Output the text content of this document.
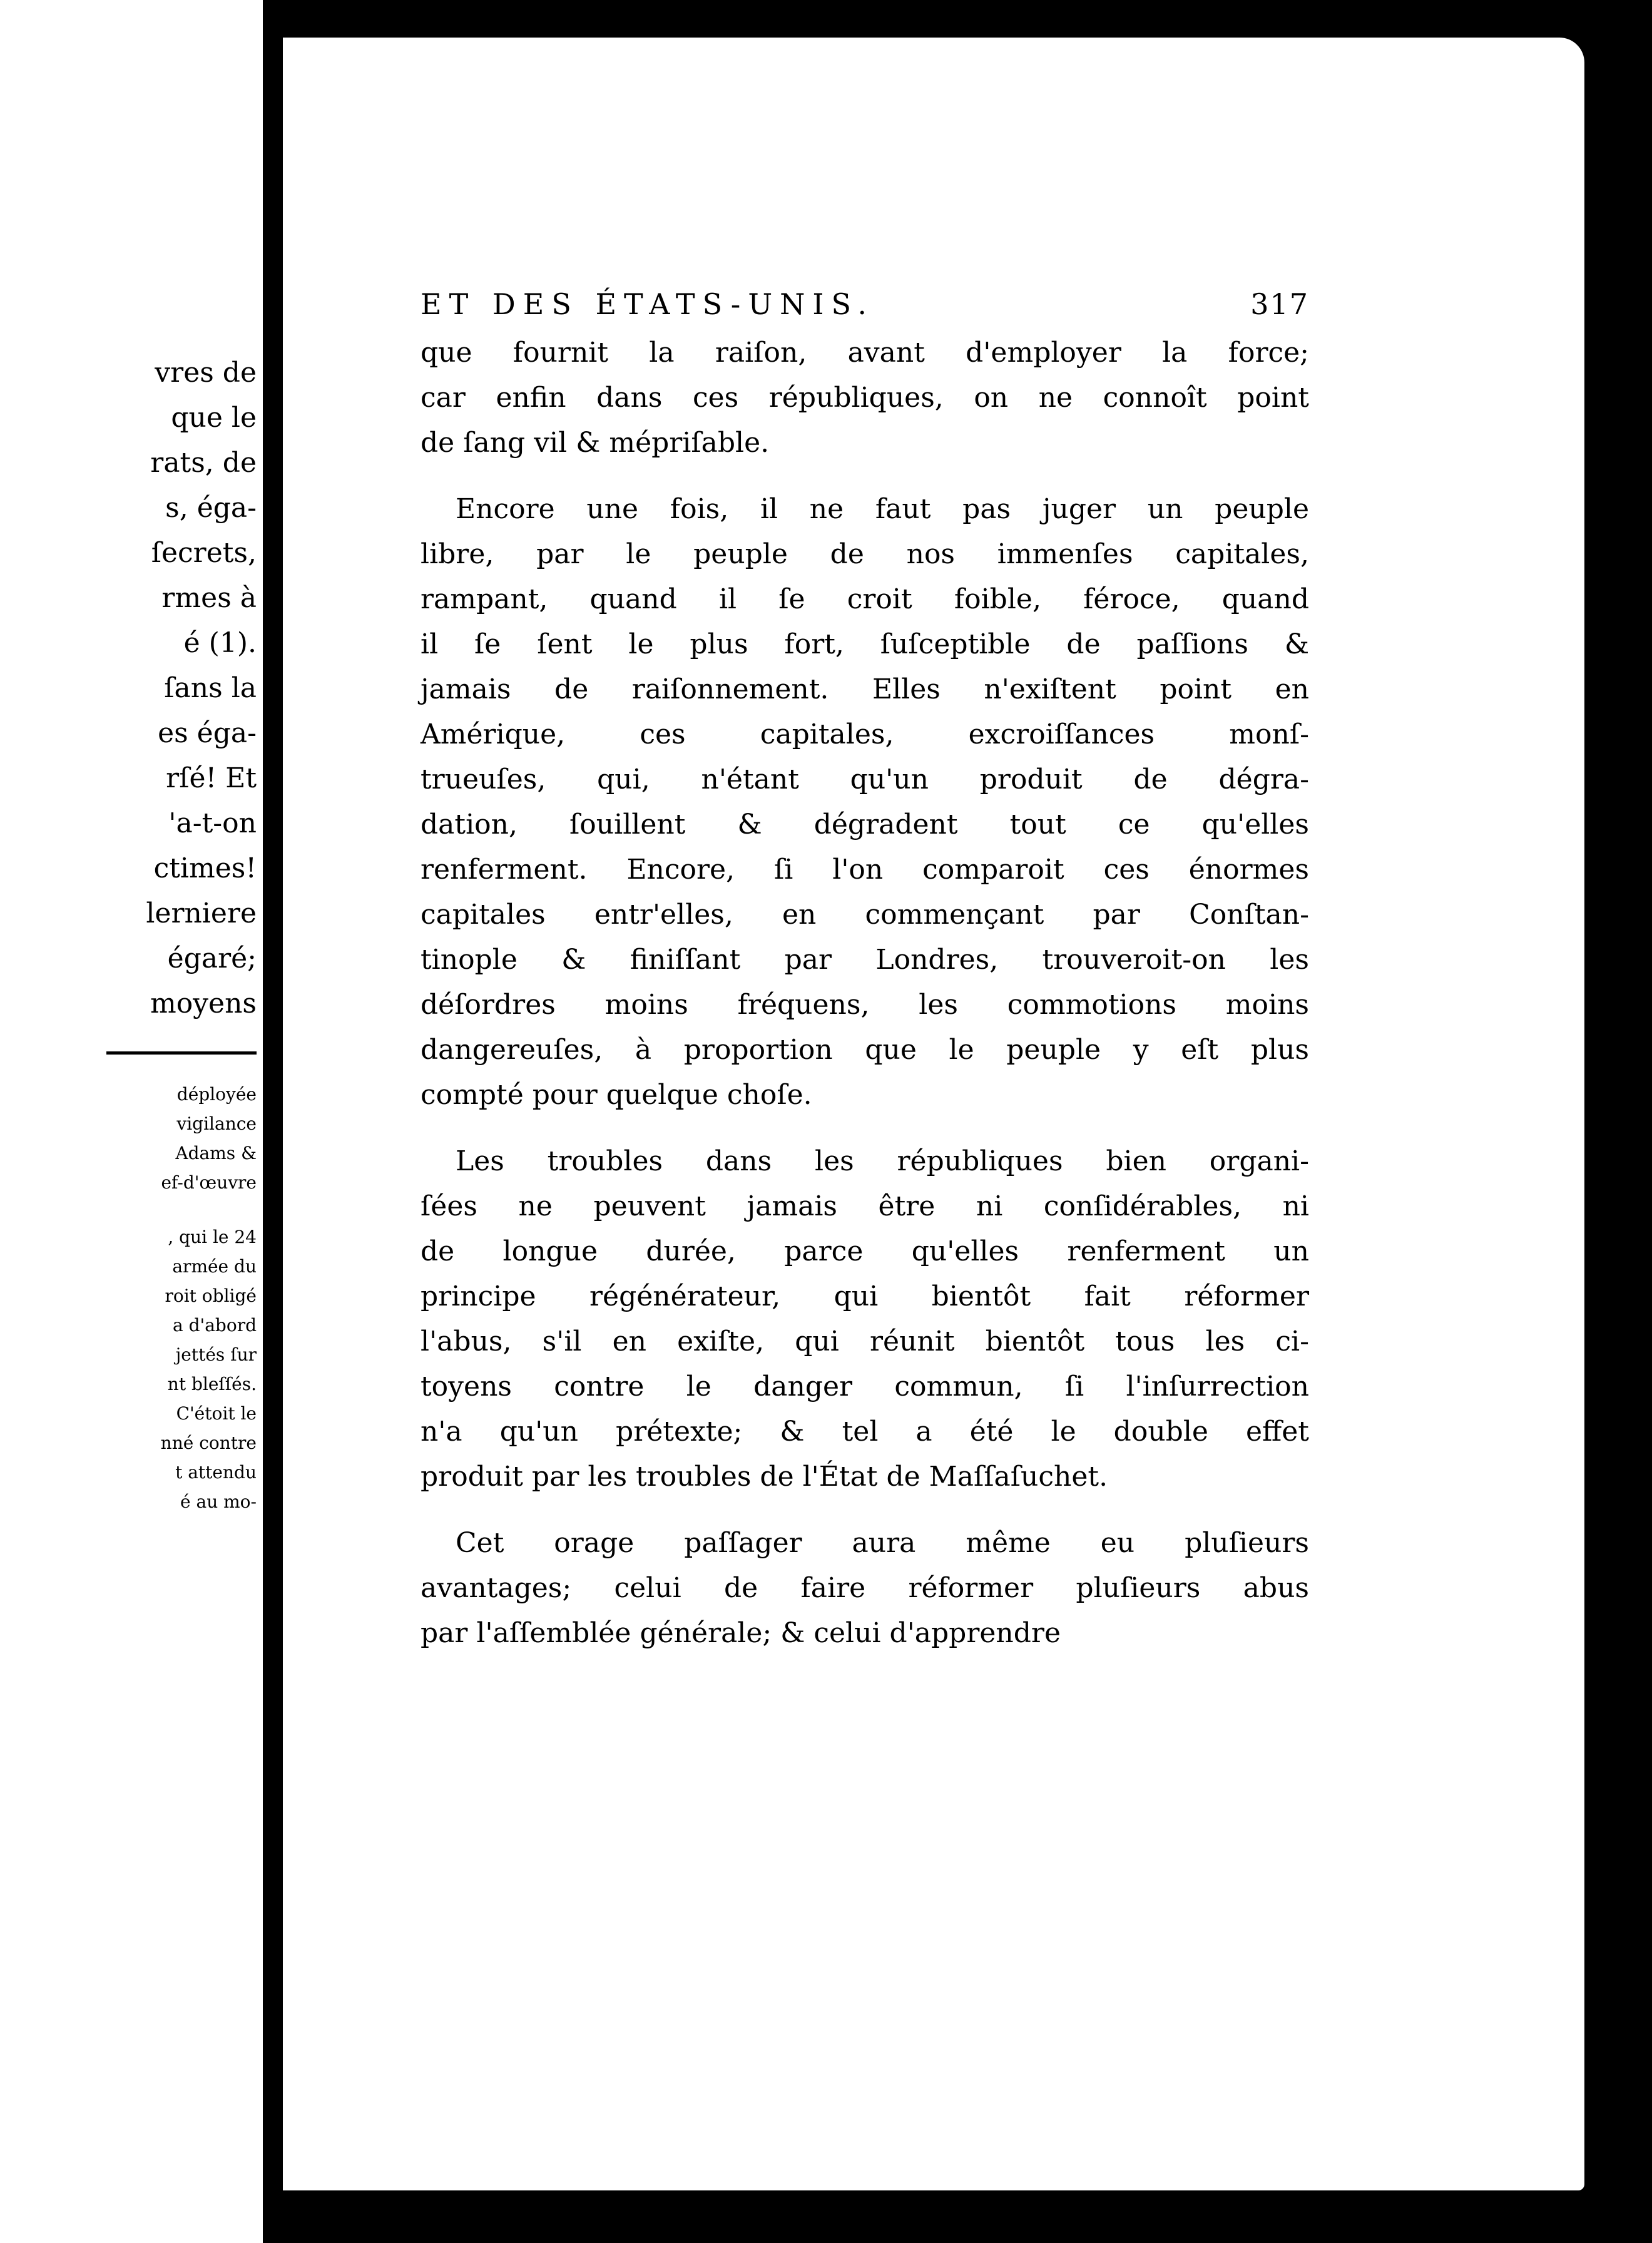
vres de
que le
rats, de
s, éga-
ſecrets,
rmes à
é (1).
ſans la
es éga-
rſé! Et
'a-t-on
ctimes!
lerniere
égaré;
moyens
déployée
vigilance
Adams &
ef-d'œuvre
, qui le 24
armée du
roit obligé
a d'abord
jettés ſur
nt bleſſés.
C'étoit le
nné contre
t attendu
é au mo-
ET DES ÉTATS-UNIS.	317
que fournit la raiſon, avant d'employer la force;
car enfin dans ces républiques, on ne connoît point
de ſang vil & mépriſable.
Encore une fois, il ne faut pas juger un peuple
libre, par le peuple de nos immenſes capitales,
rampant, quand il ſe croit foible, féroce, quand
il ſe ſent le plus fort, ſuſceptible de paſſions &
jamais de raiſonnement. Elles n'exiſtent point en
Amérique, ces capitales, excroiſſances monſ-
trueuſes, qui, n'étant qu'un produit de dégra-
dation, ſouillent & dégradent tout ce qu'elles
renferment. Encore, ſi l'on comparoit ces énormes
capitales entr'elles, en commençant par Conſtan-
tinople & finiſſant par Londres, trouveroit-on les
déſordres moins fréquens, les commotions moins
dangereuſes, à proportion que le peuple y eſt plus
compté pour quelque choſe.
Les troubles dans les républiques bien organi-
ſées ne peuvent jamais être ni conſidérables, ni
de longue durée, parce qu'elles renferment un
principe régénérateur, qui bientôt fait réformer
l'abus, s'il en exiſte, qui réunit bientôt tous les ci-
toyens contre le danger commun, ſi l'inſurrection
n'a qu'un prétexte; & tel a été le double effet
produit par les troubles de l'État de Maſſaſuchet.
Cet orage paſſager aura même eu pluſieurs
avantages; celui de faire réformer pluſieurs abus
par l'aſſemblée générale; & celui d'apprendre
